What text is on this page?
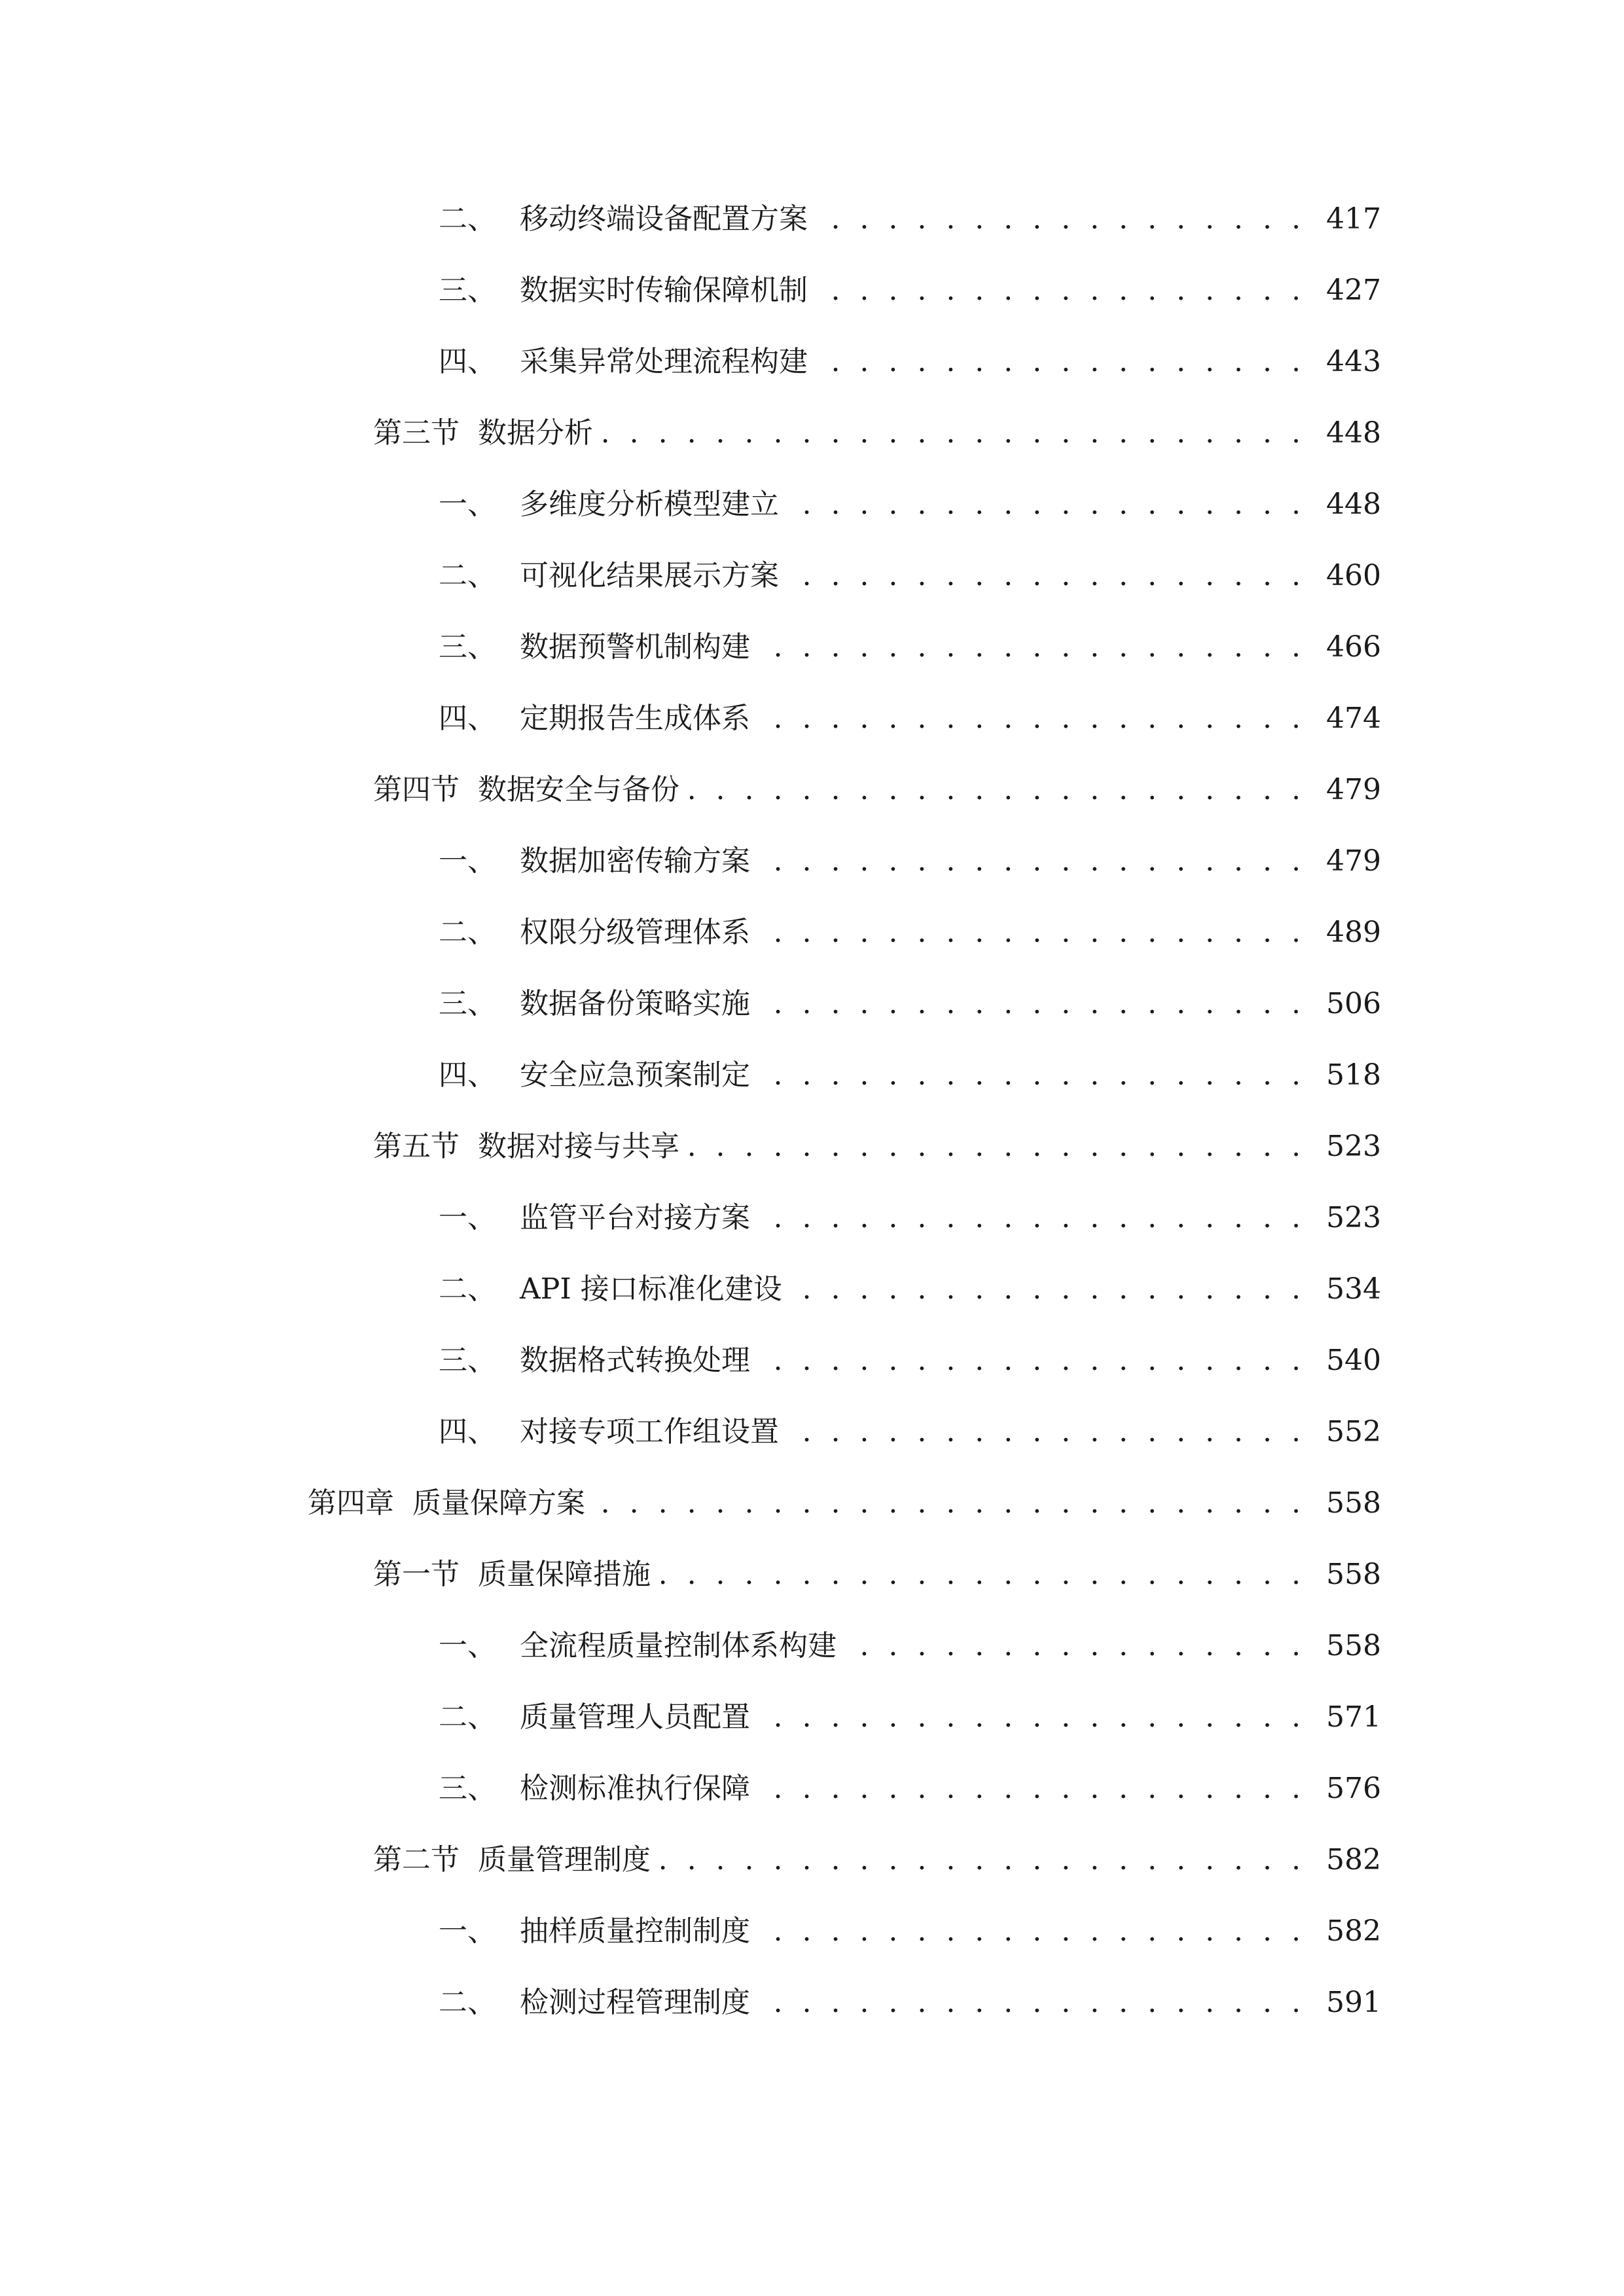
二、 移动终端设备配置方案 . . .	417
三、 数据实时传输保障机制 . . .	427
四、 采集异常处理流程构建 . . .	443
第三节 数据分析 . . .	448
一、 多维度分析模型建立 . . .	448
二、 可视化结果展示方案 . . .	460
三、 数据预警机制构建 . . .	466
四、 定期报告生成体系 . . .	474
第四节 数据安全与备份 . . .	479
一、 数据加密传输方案 . . .	479
二、 权限分级管理体系 . . .	489
三、 数据备份策略实施 . . .	506
四、 安全应急预案制定 . . .	518
第五节 数据对接与共享 . . .	523
一、 监管平台对接方案 . . .	523
二、 API 接口标准化建设 . . .	534
三、 数据格式转换处理 . . .	540
四、 对接专项工作组设置 . . .	552
第四章 质量保障方案 . . .	558
第一节 质量保障措施 . . .	558
一、 全流程质量控制体系构建 . . .	558
二、 质量管理人员配置 . . .	571
三、 检测标准执行保障 . . .	576
第二节 质量管理制度 . . .	582
一、 抽样质量控制制度 . . .	582
二、 检测过程管理制度 . . .	591
